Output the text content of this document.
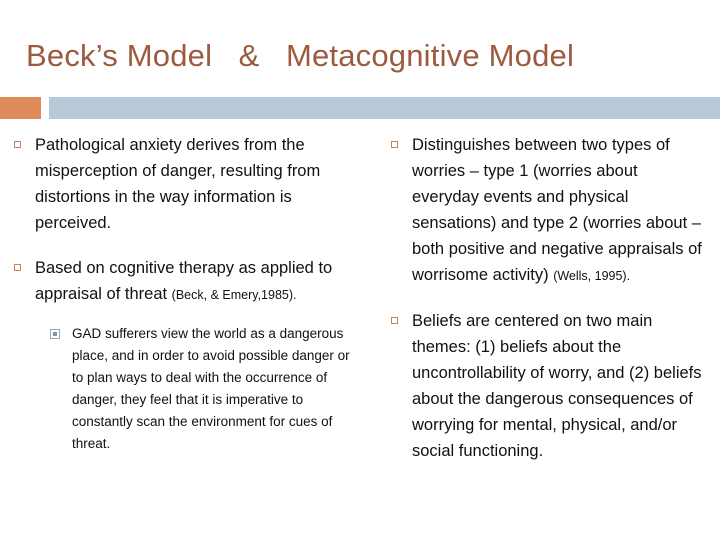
Beck’s Model   &   Metacognitive Model
Pathological anxiety derives from the misperception of danger, resulting from distortions in the way information is perceived.
Based on cognitive therapy as applied to appraisal of threat (Beck, & Emery,1985).
GAD sufferers view the world as a dangerous place, and in order to avoid possible danger or to plan ways to deal with the occurrence of danger, they feel that it is imperative to constantly scan the environment for cues of threat.
Distinguishes between two types of worries – type 1 (worries about everyday events and physical sensations) and type 2 (worries about – both positive and negative appraisals of worrisome activity) (Wells, 1995).
Beliefs are centered on two main themes: (1) beliefs about the uncontrollability of worry, and (2) beliefs about the dangerous consequences of worrying for mental, physical, and/or social functioning.
